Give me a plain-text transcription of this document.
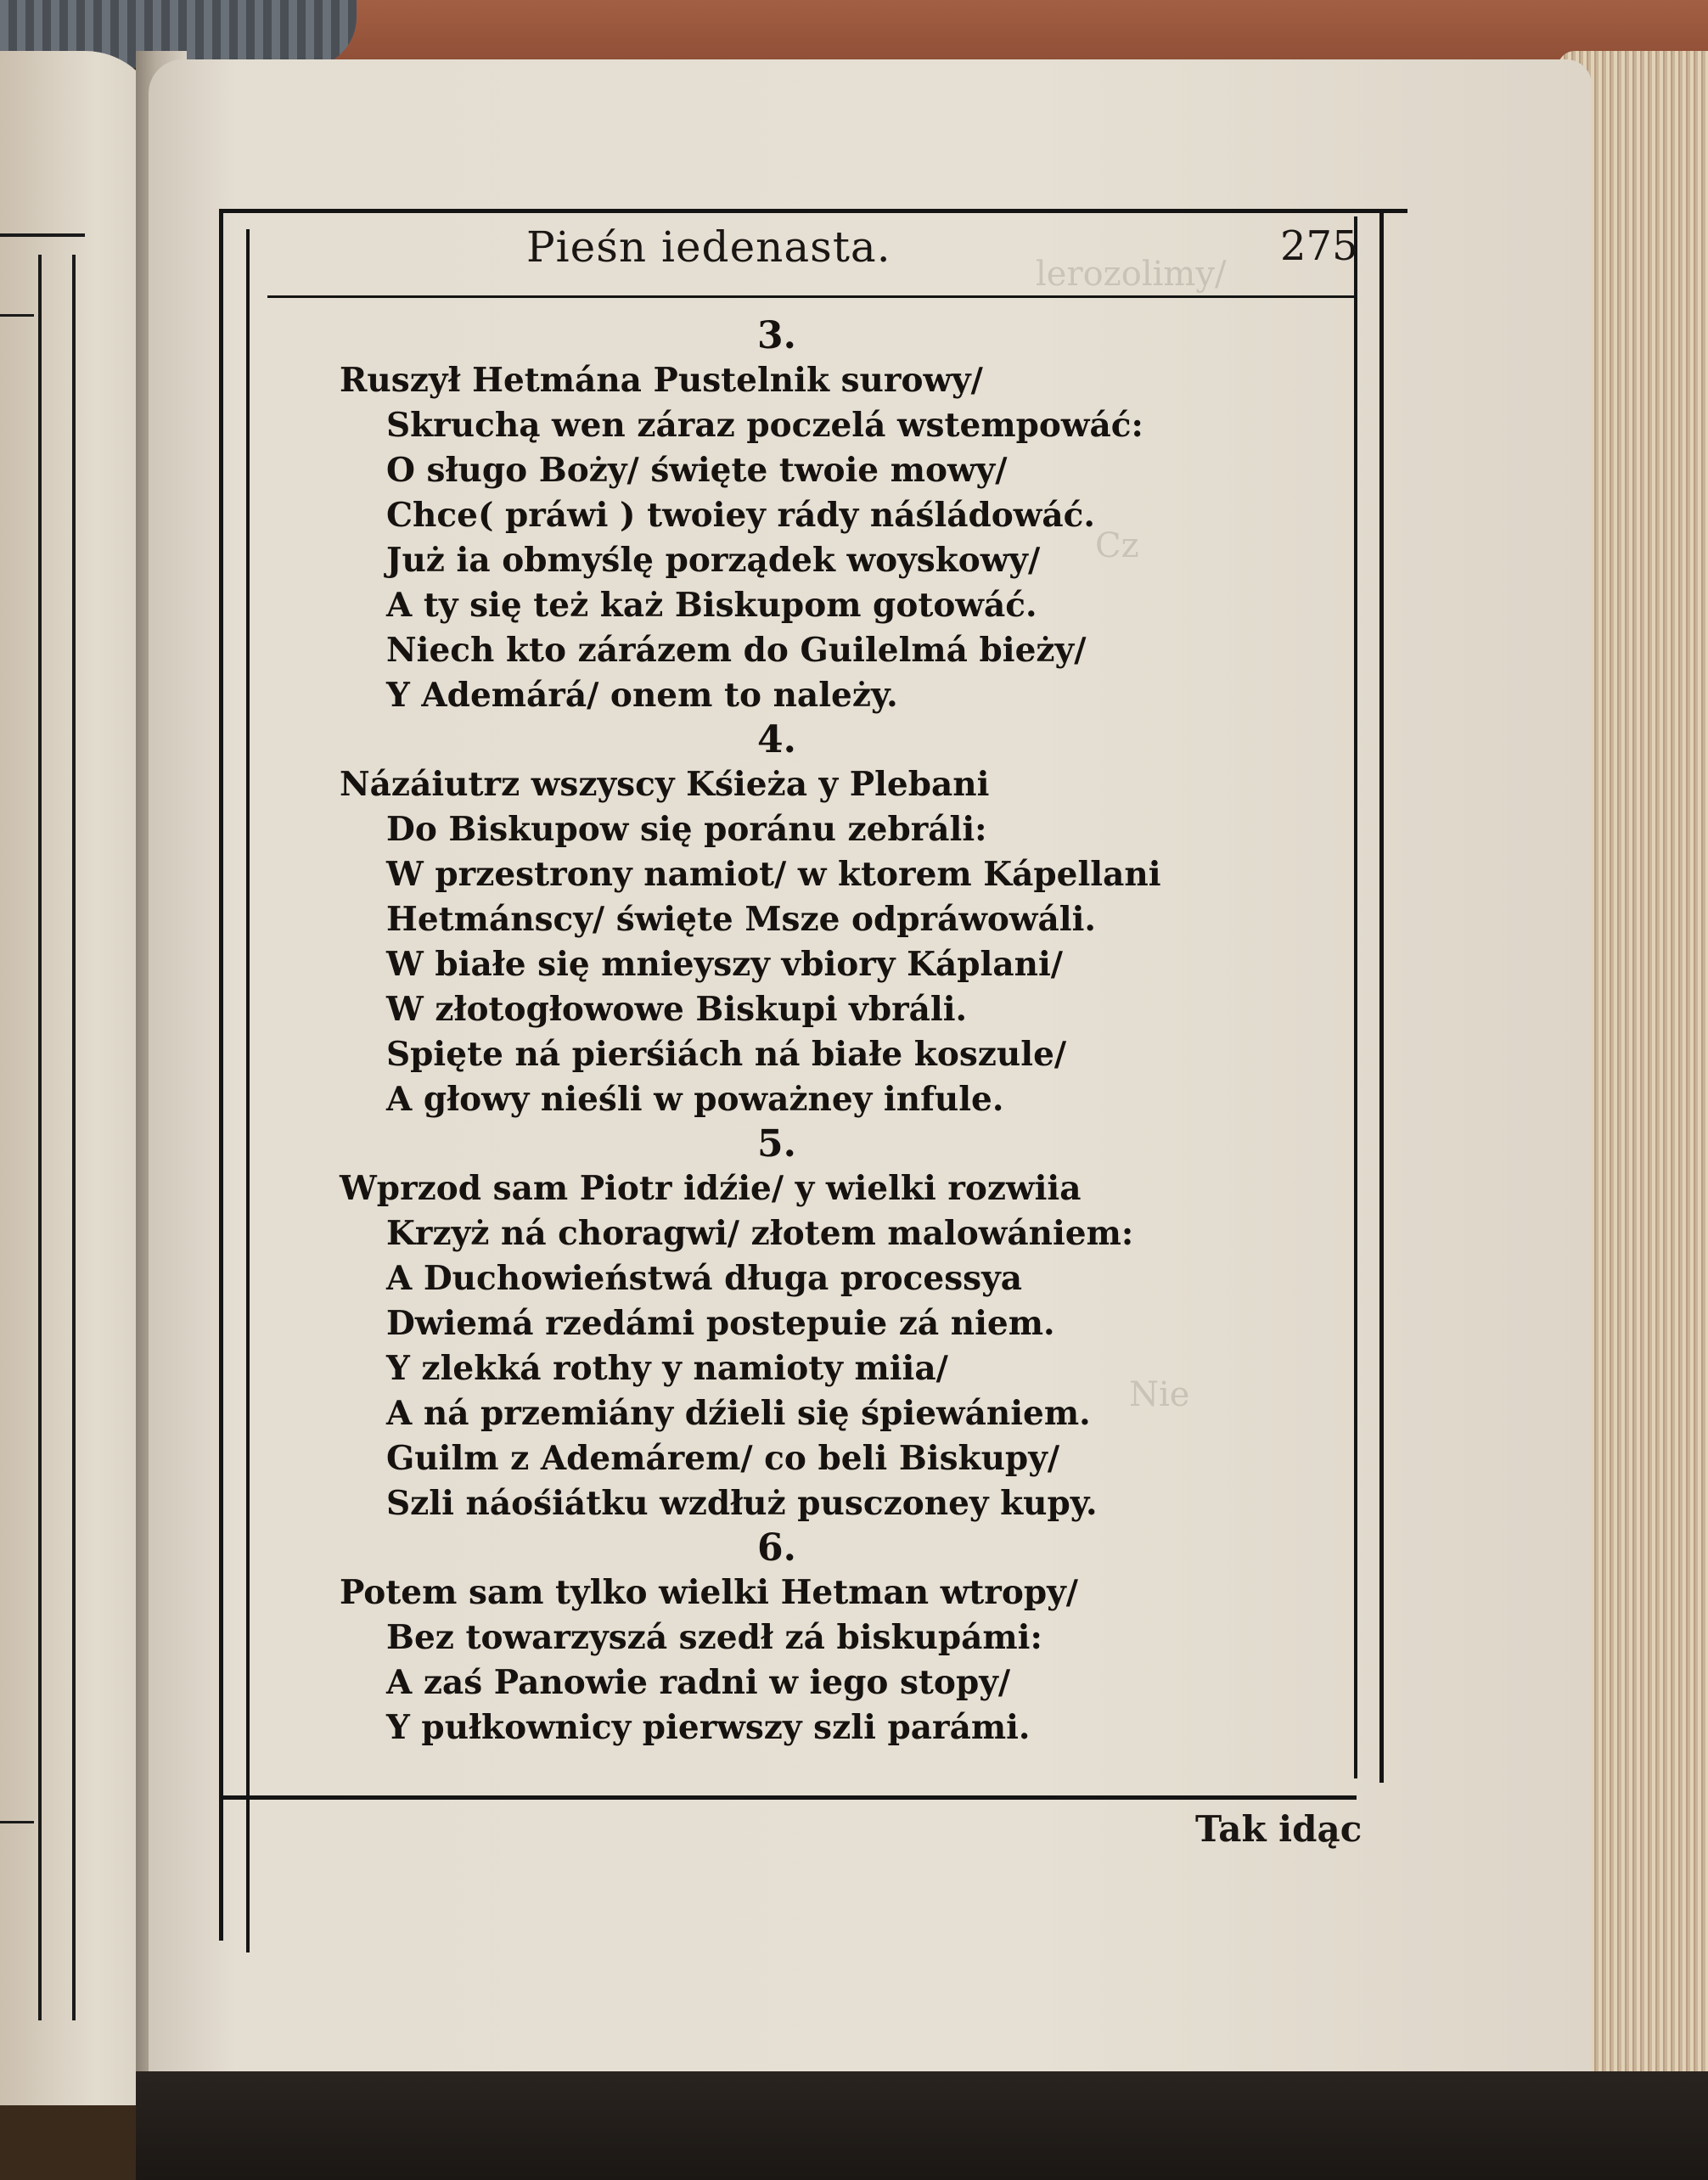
lerozolimy/
Cz
Nie
Pieśn iedenasta.	275
3.
Ruszył Hetmána Pustelnik surowy/
Skruchą wen záraz poczelá wstempowáć:
O sługo Boży/ święte twoie mowy/
Chce( práwi ) twoiey rády náśládowáć.
Już ia obmyślę porządek woyskowy/
A ty się też każ Biskupom gotowáć.
Niech kto zárázem do Guilelmá bieży/
Y Ademárá/ onem to należy.
4.
Názáiutrz wszyscy Kśieża y Plebani
Do Biskupow się poránu zebráli:
W przestrony namiot/ w ktorem Kápellani
Hetmánscy/ święte Msze odpráwowáli.
W białe się mnieyszy vbiory Káplani/
W złotogłowowe Biskupi vbráli.
Spięte ná pierśiách ná białe koszule/
A głowy nieśli w poważney infule.
5.
Wprzod sam Piotr idźie/ y wielki rozwiia
Krzyż ná choragwi/ złotem malowániem:
A Duchowieństwá długa processya
Dwiemá rzedámi postepuie zá niem.
Y zlekká rothy y namioty miia/
A ná przemiány dźieli się śpiewániem.
Guilm z Ademárem/ co beli Biskupy/
Szli náośiátku wzdłuż pusczoney kupy.
6.
Potem sam tylko wielki Hetman wtropy/
Bez towarzyszá szedł zá biskupámi:
A zaś Panowie radni w iego stopy/
Y pułkownicy pierwszy szli parámi.
Tak idąc
